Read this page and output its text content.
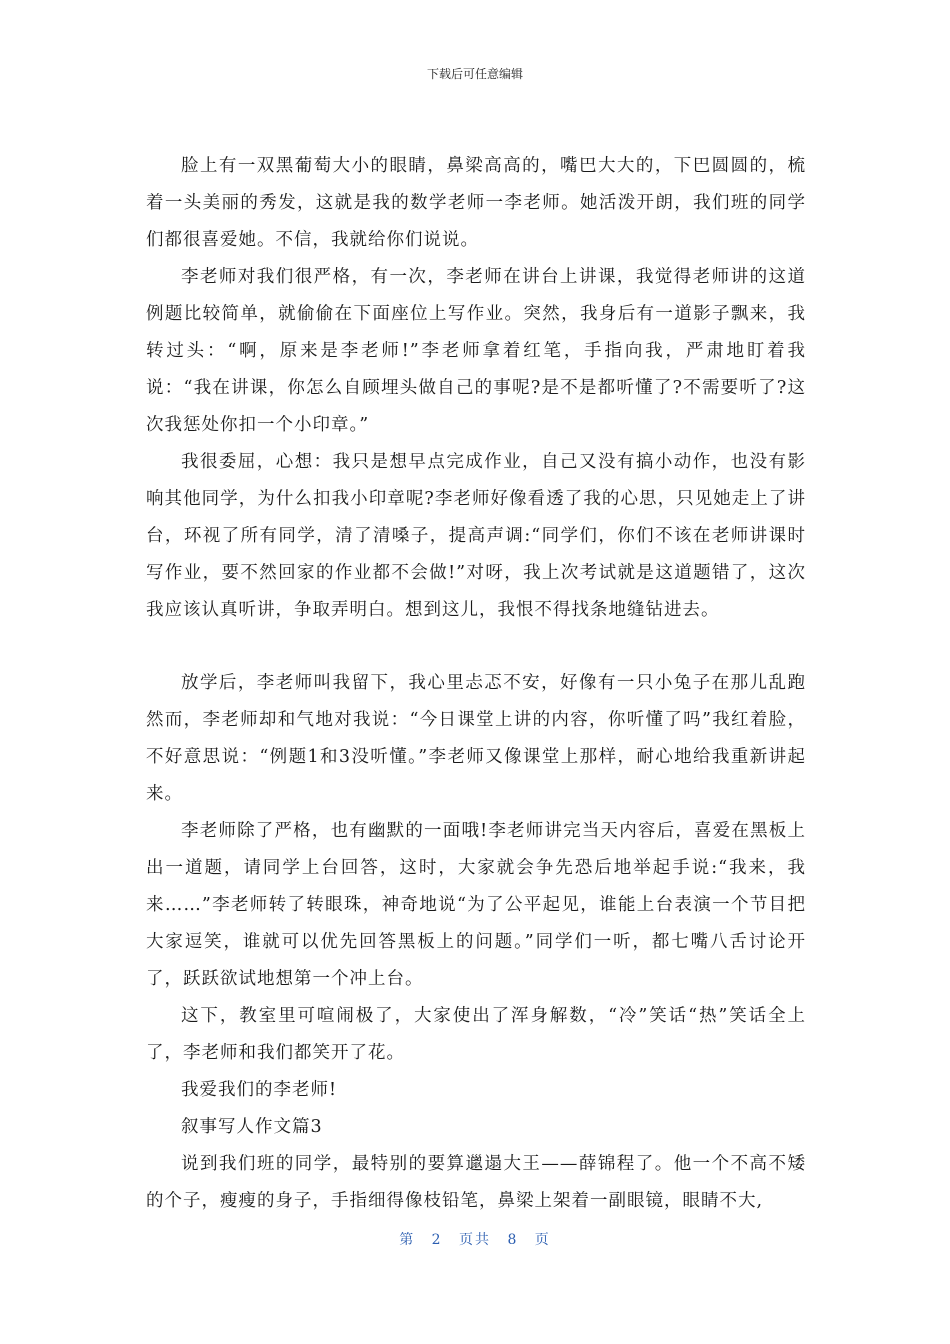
下载后可任意编辑

脸上有一双黑葡萄大小的眼睛，鼻梁高高的，嘴巴大大的，下巴圆圆的，梳着一头美丽的秀发，这就是我的数学老师一李老师。她活泼开朗，我们班的同学们都很喜爱她。不信，我就给你们说说。

李老师对我们很严格，有一次，李老师在讲台上讲课，我觉得老师讲的这道例题比较简单，就偷偷在下面座位上写作业。突然，我身后有一道影子飘来，我转过头：“啊，原来是李老师!”李老师拿着红笔，手指向我，严肃地盯着我说：“我在讲课，你怎么自顾埋头做自己的事呢?是不是都听懂了?不需要听了?这次我惩处你扣一个小印章。”

我很委屈，心想：我只是想早点完成作业，自己又没有搞小动作，也没有影响其他同学，为什么扣我小印章呢?李老师好像看透了我的心思，只见她走上了讲台，环视了所有同学，清了清嗓子，提高声调:“同学们，你们不该在老师讲课时写作业，要不然回家的作业都不会做!”对呀，我上次考试就是这道题错了，这次我应该认真听讲，争取弄明白。想到这儿，我恨不得找条地缝钻进去。

放学后，李老师叫我留下，我心里忐忑不安，好像有一只小兔子在那儿乱跑然而，李老师却和气地对我说：“今日课堂上讲的内容，你听懂了吗”我红着脸，不好意思说：“例题1和3没听懂。”李老师又像课堂上那样，耐心地给我重新讲起来。

李老师除了严格，也有幽默的一面哦!李老师讲完当天内容后，喜爱在黑板上出一道题，请同学上台回答，这时，大家就会争先恐后地举起手说:“我来，我来……”李老师转了转眼珠，神奇地说“为了公平起见，谁能上台表演一个节目把大家逗笑，谁就可以优先回答黑板上的问题。”同学们一听，都七嘴八舌讨论开了，跃跃欲试地想第一个冲上台。

这下，教室里可喧闹极了，大家使出了浑身解数，“冷”笑话“热”笑话全上了，李老师和我们都笑开了花。

我爱我们的李老师!

叙事写人作文篇3

说到我们班的同学，最特别的要算邋遢大王——薛锦程了。他一个不高不矮的个子，瘦瘦的身子，手指细得像枝铅笔，鼻梁上架着一副眼镜，眼睛不大,

第 2 页共 8 页
